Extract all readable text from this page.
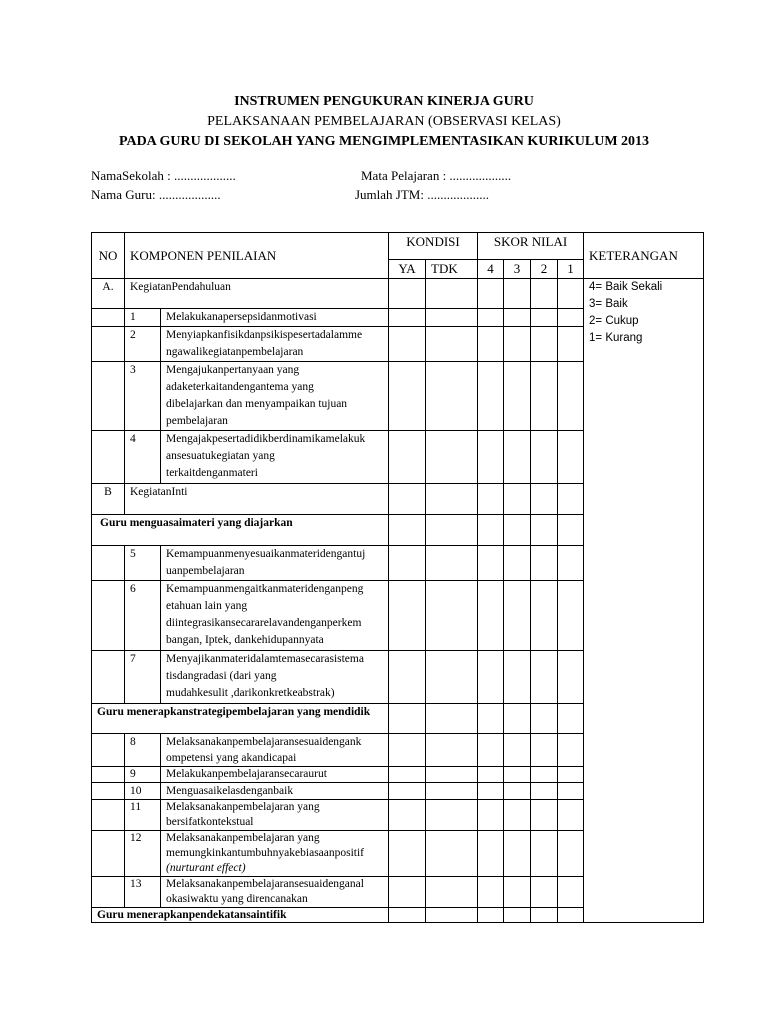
INSTRUMEN PENGUKURAN KINERJA GURU
PELAKSANAAN PEMBELAJARAN (OBSERVASI KELAS)
PADA GURU DI SEKOLAH YANG MENGIMPLEMENTASIKAN KURIKULUM 2013
NamaSekolah : ...................
Nama Guru: ...................
Mata Pelajaran : ...................
Jumlah JTM: ...................
NO	KOMPONEN PENILAIAN		KONDISI		SKOR NILAI				KETERANGAN
			YA	TDK	4	3	2	1	
A.	KegiatanPendahuluan								4= Baik Sekali
3= Baik
2= Cukup
1= Kurang

	1	Melakukanapersepsidanmotivasi							
	2	Menyiapkanfisikdanpsikispesertadalamme
ngawalikegiatanpembelajaran							
	3	Mengajukanpertanyaan yang
adaketerkaitandengantema yang
dibelajarkan dan menyampaikan tujuan
pembelajaran							
	4	Mengajakpesertadidikberdinamikamelakuk
ansesuatukegiatan yang
terkaitdenganmateri							
B	KegiatanInti								
Guru menguasaimateri yang diajarkan									
	5	Kemampuanmenyesuaikanmateridengantuj
uanpembelajaran							
	6	Kemampuanmengaitkanmateridenganpeng
etahuan lain yang
diintegrasikansecararelavandenganperkem
bangan, Iptek, dankehidupannyata							
	7	Menyajikanmateridalamtemasecarasistema
tisdangradasi (dari yang
mudahkesulit ,darikonkretkeabstrak)							
Guru menerapkanstrategipembelajaran yang mendidik									
	8	Melaksanakanpembelajaransesuaidengank
ompetensi yang akandicapai							
	9	Melakukanpembelajaransecaraurut							
	10	Menguasaikelasdenganbaik							
	11	Melaksanakanpembelajaran yang
bersifatkontekstual							
	12	Melaksanakanpembelajaran yang
memungkinkantumbuhnyakebiasaanpositif
(nurturant effect)							
	13	Melaksanakanpembelajaransesuaidenganal
okasiwaktu yang direncanakan							
Guru menerapkanpendekatansaintifik									
